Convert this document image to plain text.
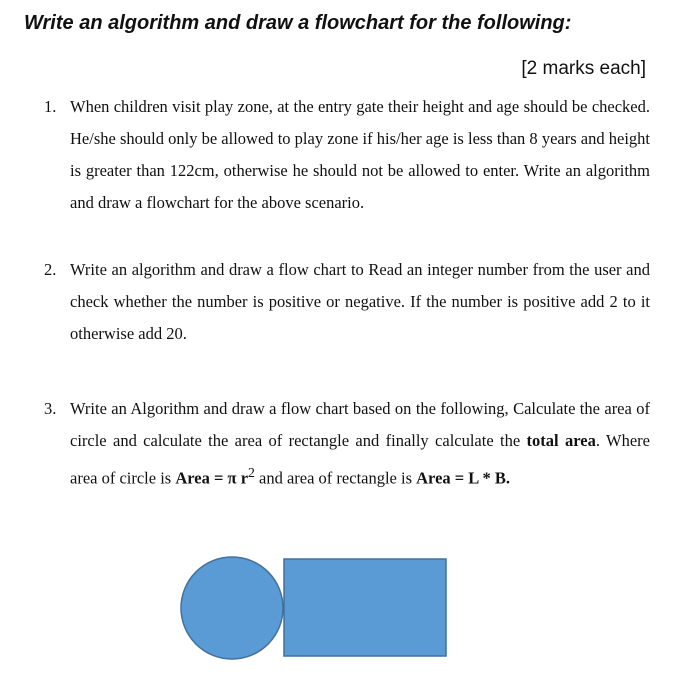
Write an algorithm and draw a flowchart for the following:
[2 marks each]
1. When children visit play zone, at the entry gate their height and age should be checked. He/she should only be allowed to play zone if his/her age is less than 8 years and height is greater than 122cm, otherwise he should not be allowed to enter. Write an algorithm and draw a flowchart for the above scenario.
2. Write an algorithm and draw a flow chart to Read an integer number from the user and check whether the number is positive or negative. If the number is positive add 2 to it otherwise add 20.
3. Write an Algorithm and draw a flow chart based on the following, Calculate the area of circle and calculate the area of rectangle and finally calculate the total area. Where area of circle is Area = π $r^2$ and area of rectangle is Area = L * B.
